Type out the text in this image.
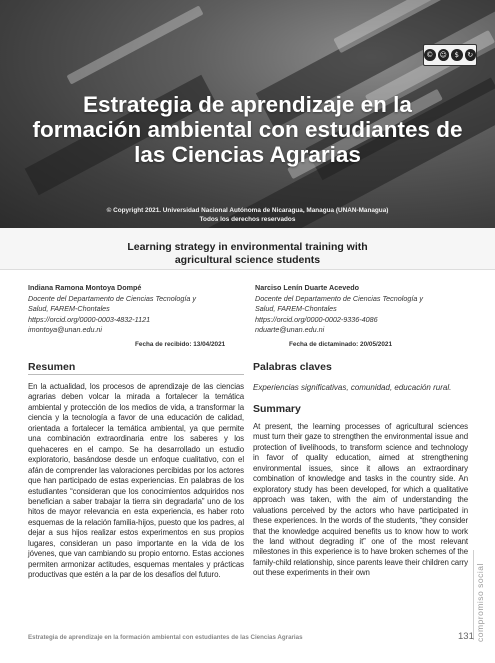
© ☺	$	↻
Estrategia de aprendizaje en la formación ambiental con estudiantes de las Ciencias Agrarias
© Copyright 2021. Universidad Nacional Autónoma de Nicaragua, Managua (UNAN-Managua)
Todos los derechos reservados
Learning strategy in environmental training with
agricultural science students
Indiana Ramona Montoya Dompé
Docente del Departamento de Ciencias Tecnología y
Salud, FAREM-Chontales
https://orcid.org/0000-0003-4832-1121
imontoya@unan.edu.ni
Narciso Lenín Duarte Acevedo
Docente del Departamento de Ciencias Tecnología y
Salud, FAREM-Chontales
https://orcid.org/0000-0002-9336-4086
nduarte@unan.edu.ni
Fecha de recibido: 13/04/2021	Fecha de dictaminado: 20/05/2021
Resumen

En la actualidad, los procesos de aprendizaje de las ciencias agrarias deben volcar la mirada a fortalecer la temática ambiental y protección de los medios de vida, a transformar la ciencia y la tecnología a favor de una educación de calidad, orientada a fortalecer la temática ambiental, ya que permite una combinación extraordinaria entre los saberes y los quehaceres en el campo. Se ha desarrollado un estudio exploratorio, basándose desde un enfoque cualitativo, con el afán de comprender las valoraciones percibidas por los actores que han participado de estas experiencias. En palabras de los estudiantes “consideran que los conocimientos adquiridos nos benefician a saber trabajar la tierra sin degradarla” uno de los hitos de mayor relevancia en esta experiencia, es haber roto esquemas de la relación familia-hijos, puesto que los padres, al dejar a sus hijos realizar estos experimentos en sus propios lugares, consideran un paso importante en la vida de los jóvenes, que van cambiando su propio entorno. Estas acciones permiten armonizar actitudes, esquemas mentales y prácticas productivas que estén a la par de los desafíos del futuro.

Palabras claves
Experiencias significativas, comunidad, educación rural.
Summary

At present, the learning processes of agricultural sciences must turn their gaze to strengthen the environmental issue and protection of livelihoods, to transform science and technology in favor of quality education, aimed at strengthening environmental issues, since it allows an extraordinary combination of knowledge and tasks in the country side. An exploratory study has been developed, for which a qualitative approach was taken, with the aim of understanding the valuations perceived by the actors who have participated in these experiences. In the words of the students, “they consider that the knowledge acquired benefits us to know how to work the land without degrading it” one of the most relevant milestones in this experience is to have broken schemes of the family-child relationship, since parents leave their children carry out these experiments in their own	compromiso social
Estrategia de aprendizaje en la formación ambiental con estudiantes de las Ciencias Agrarias	131
